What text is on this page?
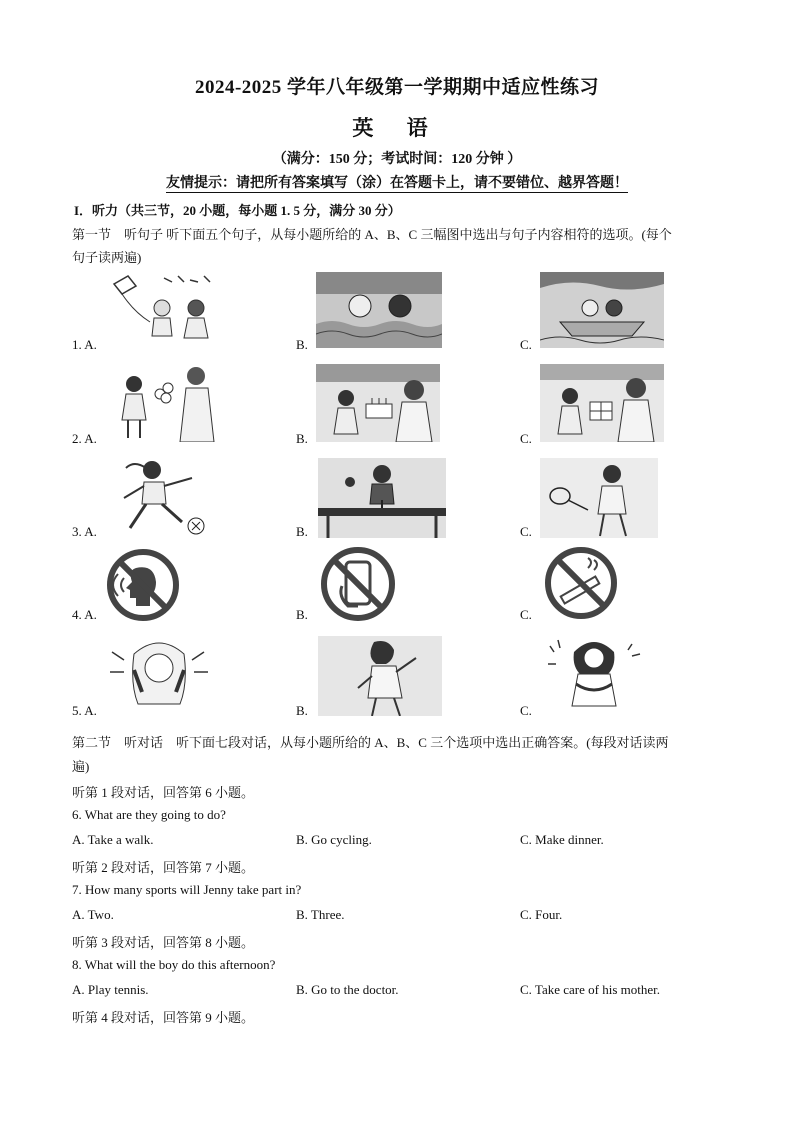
2024-2025 学年八年级第一学期期中适应性练习
英 语
（满分：150 分；考试时间：120 分钟 ）
友情提示：请把所有答案填写（涂）在答题卡上，请不要错位、越界答题！
I．听力（共三节，20 小题，每小题 1. 5 分，满分 30 分）
第一节　听句子 听下面五个句子，从每小题所给的 A、B、C 三幅图中选出与句子内容相符的选项。(每个
句子读两遍)
1. A.	B.	C.
2. A.	B.	C.
3. A.	B.	C.
4. A.	B.	C.
5. A.	B.	C.
第二节　听对话　听下面七段对话，从每小题所给的 A、B、C 三个选项中选出正确答案。(每段对话读两
遍)
听第 1 段对话，回答第 6 小题。
6. What are they going to do?
A. Take a walk.	B. Go cycling.	C. Make dinner.
听第 2 段对话，回答第 7 小题。
7. How many sports will Jenny take part in?
A. Two.	B. Three.	C. Four.
听第 3 段对话，回答第 8 小题。
8. What will the boy do this afternoon?
A. Play tennis.	B. Go to the doctor.	C. Take care of his mother.
听第 4 段对话，回答第 9 小题。
